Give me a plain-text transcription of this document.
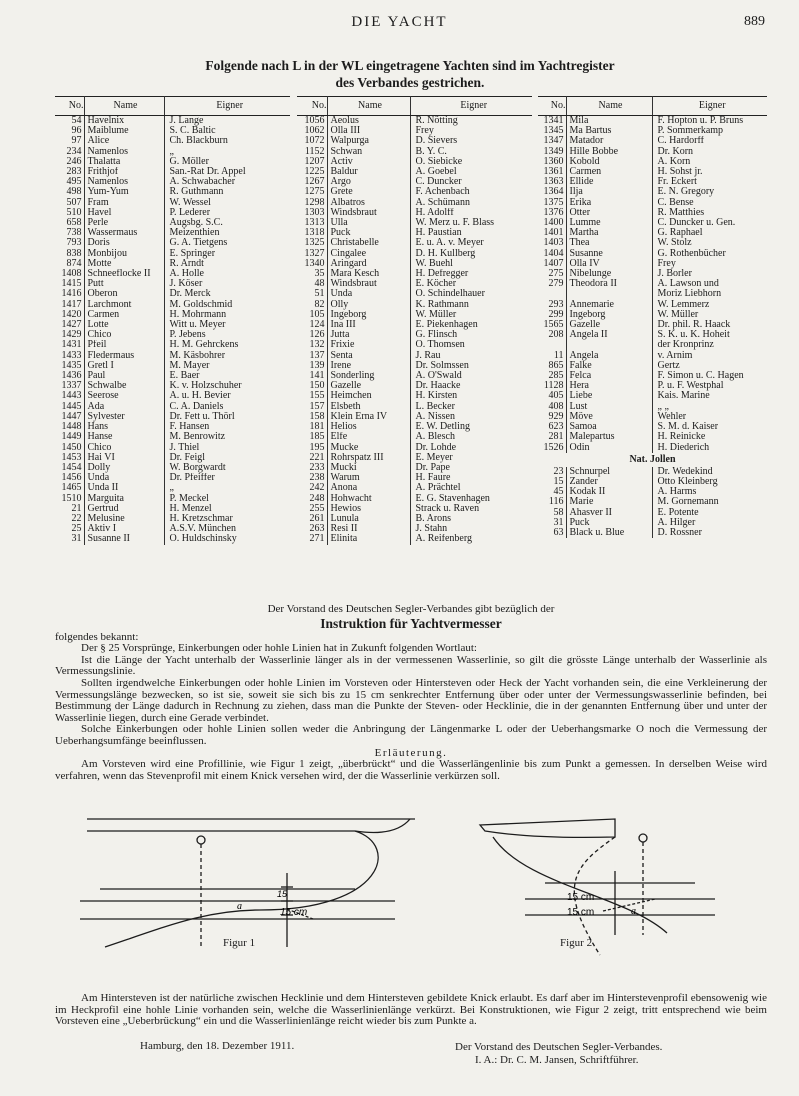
DIE YACHT	889
Folgende nach L in der WL eingetragene Yachten sind im Yachtregister
des Verbandes gestrichen.
No.	Name	Eigner
54	Havelnix	J. Lange
96	Maiblume	S. C. Baltic
97	Alice	Ch. Blackburn
234	Namenlos	„
246	Thalatta	G. Möller
283	Frithjof	San.-Rat Dr. Appel
495	Namenlos	A. Schwabacher
498	Yum-Yum	R. Guthmann
507	Fram	W. Wessel
510	Havel	P. Lederer
658	Perle	Augsbg. S.C.
738	Wassermaus	Meizenthien
793	Doris	G. A. Tietgens
838	Monbijou	E. Springer
874	Motte	R. Arndt
1408	Schneeflocke II	A. Holle
1415	Putt	J. Köser
1416	Oberon	Dr. Merck
1417	Larchmont	M. Goldschmid
1420	Carmen	H. Mohrmann
1427	Lotte	Witt u. Meyer
1429	Chico	P. Jebens
1431	Pfeil	H. M. Gehrckens
1433	Fledermaus	M. Käsbohrer
1435	Gretl I	M. Mayer
1436	Paul	E. Baer
1337	Schwalbe	K. v. Holzschuher
1443	Seerose	A. u. H. Bevier
1445	Ada	C. A. Daniels
1447	Sylvester	Dr. Fett u. Thörl
1448	Hans	F. Hansen
1449	Hanse	M. Benrowitz
1450	Chico	J. Thiel
1453	Hai VI	Dr. Feigl
1454	Dolly	W. Borgwardt
1456	Unda	Dr. Pfeiffer
1465	Unda II	„
1510	Marguita	P. Meckel
21	Gertrud	H. Menzel
22	Melusine	H. Kretzschmar
25	Aktiv I	A.S.V. München
31	Susanne II	O. Huldschinsky
No.	Name	Eigner
1056	Aeolus	R. Nötting
1062	Olla III	Frey
1072	Walpurga	D. Sievers
1152	Schwan	B. Y. C.
1207	Activ	O. Siebicke
1225	Baldur	A. Goebel
1267	Argo	C. Duncker
1275	Grete	F. Achenbach
1298	Albatros	A. Schümann
1303	Windsbraut	H. Adolff
1313	Ulla	W. Merz u. F. Blass
1318	Puck	H. Paustian
1325	Christabelle	E. u. A. v. Meyer
1327	Cingalee	D. H. Kullberg
1340	Aringard	W. Buehl
35	Mara Kesch	H. Defregger
48	Windsbraut	E. Köcher
51	Unda	O. Schindelhauer
82	Olly	K. Rathmann
105	Ingeborg	W. Müller
124	Ina III	E. Piekenhagen
126	Jutta	G. Flinsch
132	Frixie	O. Thomsen
137	Senta	J. Rau
139	Irene	Dr. Solmssen
141	Sonderling	A. O'Swald
150	Gazelle	Dr. Haacke
155	Heimchen	H. Kirsten
157	Elsbeth	L. Becker
158	Klein Erna IV	A. Nissen
181	Helios	E. W. Detling
185	Elfe	A. Blesch
195	Mucke	Dr. Lohde
221	Rohrspatz III	E. Meyer
233	Mucki	Dr. Pape
238	Warum	H. Faure
242	Anona	A. Prächtel
248	Hohwacht	E. G. Stavenhagen
255	Hewios	Strack u. Raven
261	Lunula	B. Arons
263	Resi II	J. Stahn
271	Elinita	A. Reifenberg
No.	Name	Eigner
1341	Mila	F. Hopton u. P. Bruns
1345	Ma Bartus	P. Sommerkamp
1347	Matador	C. Hardorff
1349	Hille Bobbe	Dr. Korn
1360	Kobold	A. Korn
1361	Carmen	H. Sohst jr.
1363	Ellide	Fr. Eckert
1364	Ilja	E. N. Gregory
1375	Erika	C. Bense
1376	Otter	R. Matthies
1400	Lumme	C. Duncker u. Gen.
1401	Martha	G. Raphael
1403	Thea	W. Stolz
1404	Susanne	G. Rothenbücher
1407	Olla IV	Frey
275	Nibelunge	J. Borler
279	Theodora II	A. Lawson und
		Moriz Liebhorn
293	Annemarie	W. Lemmerz
299	Ingeborg	W. Müller
1565	Gazelle	Dr. phil. R. Haack
208	Angela II	S. K. u. K. Hoheit
		der Kronprinz
11	Angela	v. Arnim
865	Falke	Gertz
285	Felca	F. Simon u. C. Hagen
1128	Hera	P. u. F. Westphal
405	Liebe	Kais. Marine
408	Lust	„ „
929	Möve	Wehler
623	Samoa	S. M. d. Kaiser
281	Malepartus	H. Reinicke
1526	Odin	H. Diederich
Nat. Jollen		
23	Schnurpel	Dr. Wedekind
15	Zander	Otto Kleinberg
45	Kodak II	A. Harms
116	Marie	M. Gornemann
58	Ahasver II	E. Potente
31	Puck	A. Hilger
63	Black u. Blue	D. Rossner
Der Vorstand des Deutschen Segler-Verbandes gibt bezüglich der
Instruktion für Yachtvermesser
folgendes bekannt:
Der § 25 Vorsprünge, Einkerbungen oder hohle Linien hat in Zukunft folgenden Wortlaut:
Ist die Länge der Yacht unterhalb der Wasserlinie länger als in der vermessenen Wasserlinie, so gilt die grösste Länge unterhalb der Wasserlinie als Vermessungslinie.
Sollten irgendwelche Einkerbungen oder hohle Linien im Vorsteven oder Hintersteven oder Heck der Yacht vorhanden sein, die eine Verkleinerung der Vermessungslänge bezwecken, so ist sie, soweit sie sich bis zu 15 cm senkrechter Entfernung über oder unter der Vermessungswasserlinie befinden, bei Bestimmung der Länge dadurch in Rechnung zu ziehen, dass man die Punkte der Steven- oder Hecklinie, die in der genannten Entfernung über und unter der Wasserlinie liegen, durch eine Gerade verbindet.
Solche Einkerbungen oder hohle Linien sollen weder die Anbringung der Längenmarke L oder der Ueberhangsmarke O noch die Vermessung der Ueberhangsumfänge beeinflussen.
Erläuterung.
Am Vorsteven wird eine Profillinie, wie Figur 1 zeigt, „überbrückt“ und die Wasserlängenlinie bis zum Punkt a gemessen. In derselben Weise wird verfahren, wenn das Stevenprofil mit einem Knick versehen wird, der die Wasserlinie verkürzen soll.
15
15 cm
a
15 cm
15 cm	a
Figur 1	Figur 2
Am Hintersteven ist der natürliche zwischen Hecklinie und dem Hintersteven gebildete Knick erlaubt. Es darf aber im Hinterstevenprofil ebensowenig wie im Heckprofil eine hohle Linie vorhanden sein, welche die Wasserlinienlänge verkürzt. Bei Konstruktionen, wie Figur 2 zeigt, tritt entsprechend wie beim Vorsteven eine „Ueberbrückung“ ein und die Wasserlinienlänge reicht wieder bis zum Punkte a.
Hamburg, den 18. Dezember 1911.	Der Vorstand des Deutschen Segler-Verbandes.
I. A.: Dr. C. M. Jansen, Schriftführer.
